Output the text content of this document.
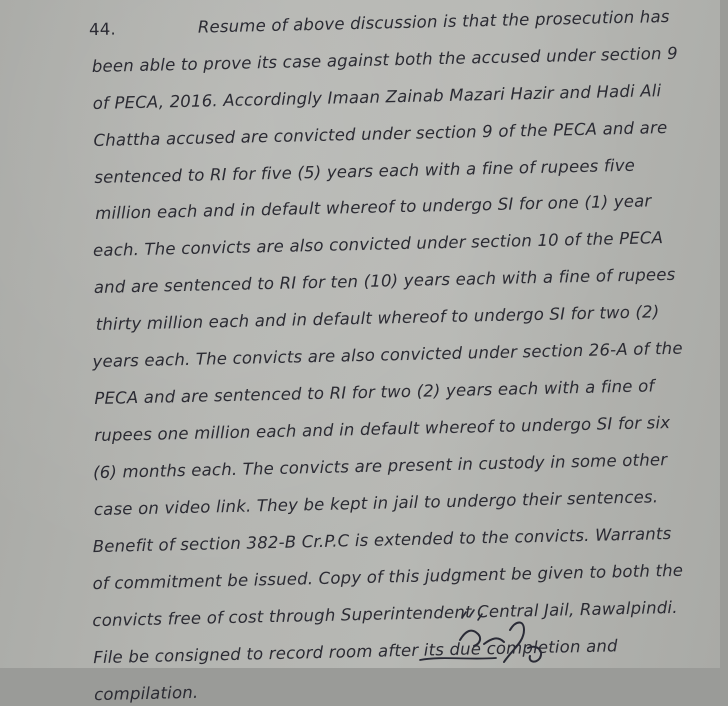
44.	Resume of above discussion is that the prosecution has
been able to prove its case against both the accused under section 9
of PECA, 2016. Accordingly Imaan Zainab Mazari Hazir and Hadi Ali
Chattha accused are convicted under section 9 of the PECA and are
sentenced to RI for five (5) years each with a fine of rupees five
million each and in default whereof to undergo SI for one (1) year
each. The convicts are also convicted under section 10 of the PECA
and are sentenced to RI for ten (10) years each with a fine of rupees
thirty million each and in default whereof to undergo SI for two (2)
years each. The convicts are also convicted under section 26-A of the
PECA and are sentenced to RI for two (2) years each with a fine of
rupees one million each and in default whereof to undergo SI for six
(6) months each. The convicts are present in custody in some other
case on video link. They be kept in jail to undergo their sentences.
Benefit of section 382-B Cr.P.C is extended to the convicts. Warrants
of commitment be issued. Copy of this judgment be given to both the
convicts free of cost through Superintendent Central Jail, Rawalpindi.
File be consigned to record room after its due completion and
compilation.
